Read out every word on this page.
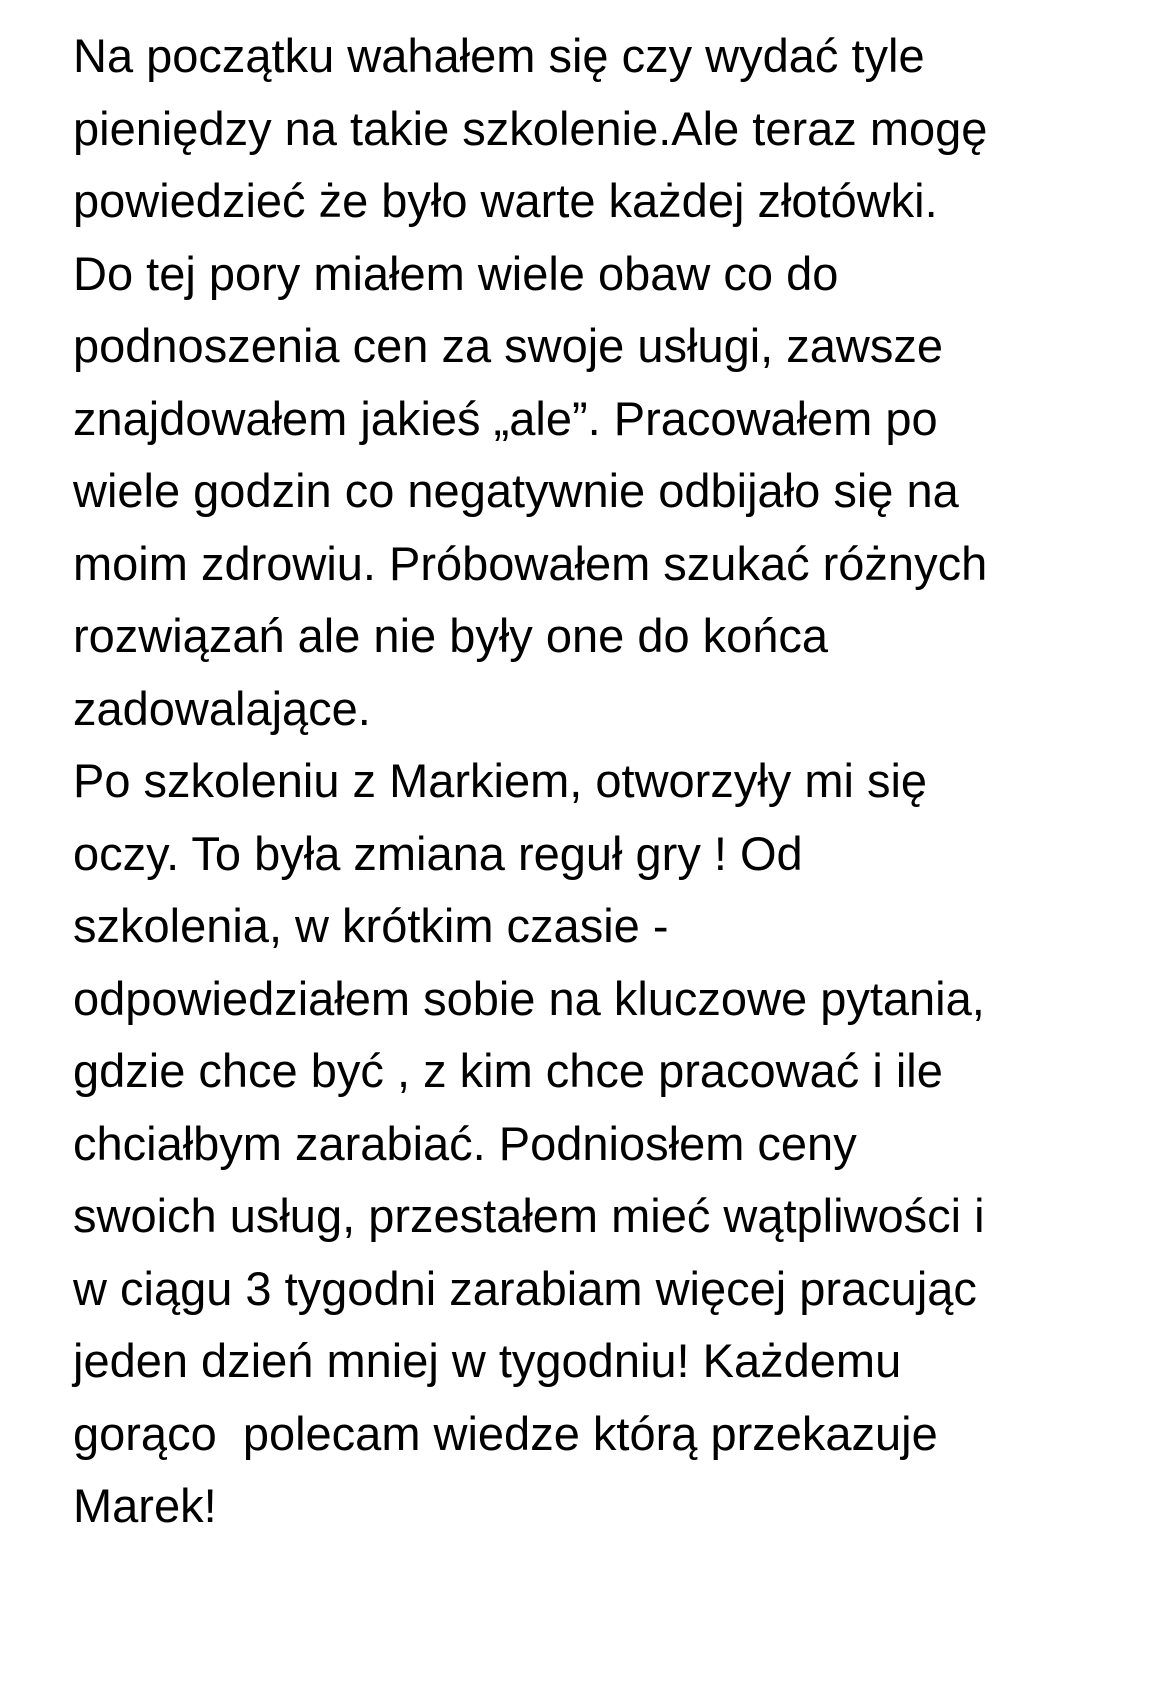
Na początku wahałem się czy wydać tyle
pieniędzy na takie szkolenie.Ale teraz mogę
powiedzieć że było warte każdej złotówki.
Do tej pory miałem wiele obaw co do
podnoszenia cen za swoje usługi, zawsze
znajdowałem jakieś „ale”. Pracowałem po
wiele godzin co negatywnie odbijało się na
moim zdrowiu. Próbowałem szukać różnych
rozwiązań ale nie były one do końca
zadowalające.
Po szkoleniu z Markiem, otworzyły mi się
oczy. To była zmiana reguł gry ! Od
szkolenia, w krótkim czasie -
odpowiedziałem sobie na kluczowe pytania,
gdzie chce być , z kim chce pracować i ile
chciałbym zarabiać. Podniosłem ceny
swoich usług, przestałem mieć wątpliwości i
w ciągu 3 tygodni zarabiam więcej pracując
jeden dzień mniej w tygodniu! Każdemu
gorąco  polecam wiedze którą przekazuje
Marek!
